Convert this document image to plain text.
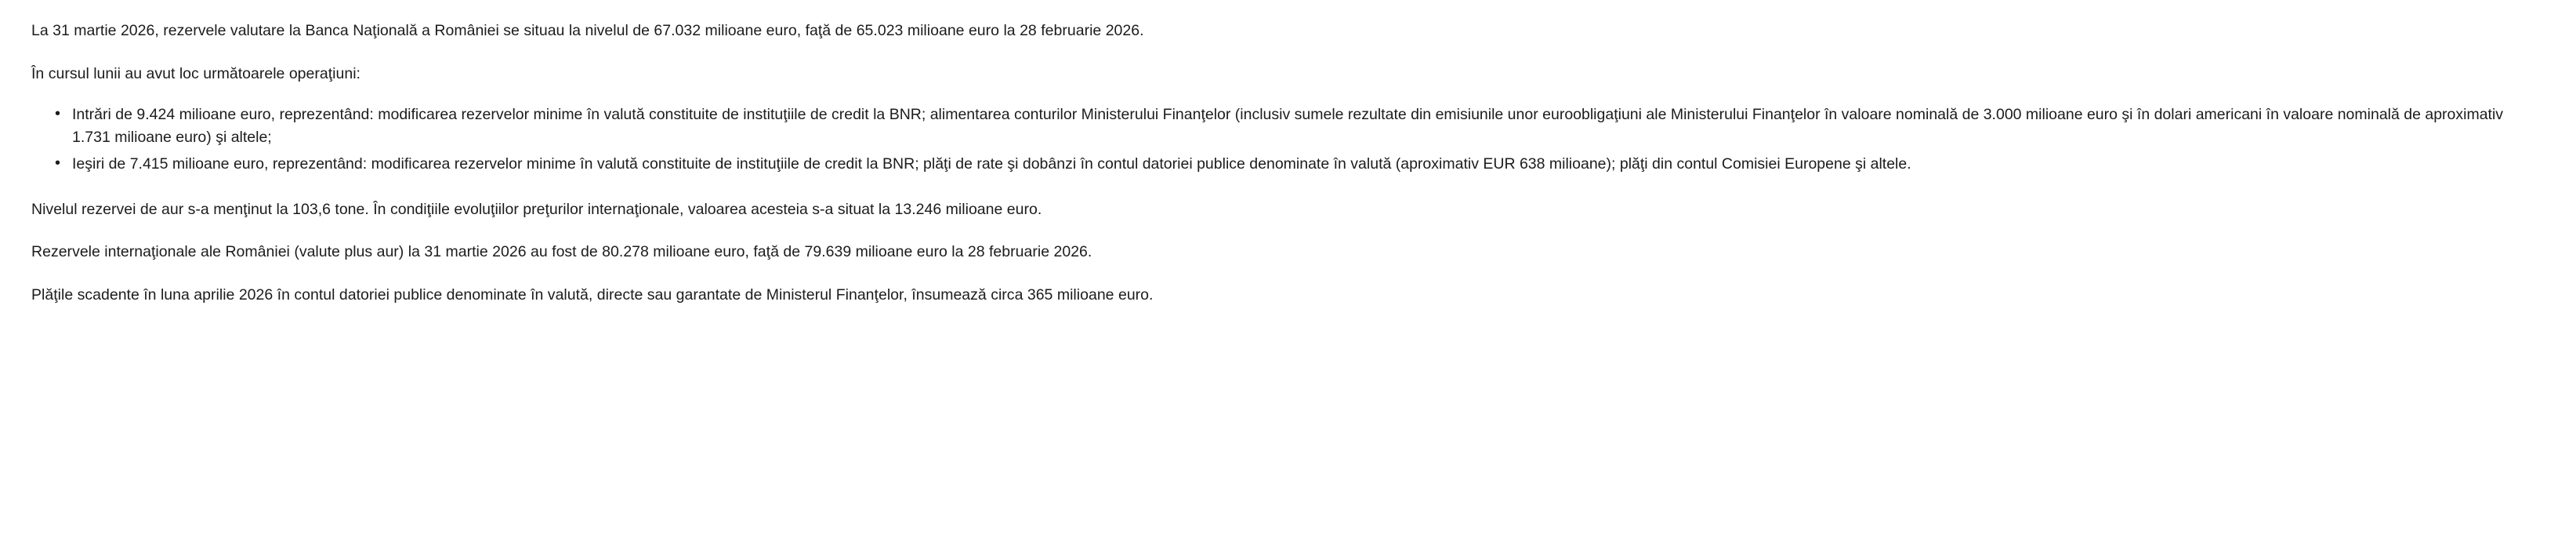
La 31 martie 2026, rezervele valutare la Banca Naţională a României se situau la nivelul de 67.032 milioane euro, faţă de 65.023 milioane euro la 28 februarie 2026.

În cursul lunii au avut loc următoarele operaţiuni:

• Intrări de 9.424 milioane euro, reprezentând: modificarea rezervelor minime în valută constituite de instituţiile de credit la BNR; alimentarea conturilor Ministerului Finanţelor (inclusiv sumele rezultate din emisiunile unor euroobligaţiuni ale Ministerului Finanţelor în valoare nominală de 3.000 milioane euro şi în dolari americani în valoare nominală de aproximativ 1.731 milioane euro) şi altele;
• Ieşiri de 7.415 milioane euro, reprezentând: modificarea rezervelor minime în valută constituite de instituţiile de credit la BNR; plăţi de rate şi dobânzi în contul datoriei publice denominate în valută (aproximativ EUR 638 milioane); plăţi din contul Comisiei Europene şi altele.

Nivelul rezervei de aur s-a menţinut la 103,6 tone. În condiţiile evoluţiilor preţurilor internaţionale, valoarea acesteia s-a situat la 13.246 milioane euro.

Rezervele internaţionale ale României (valute plus aur) la 31 martie 2026 au fost de 80.278 milioane euro, faţă de 79.639 milioane euro la 28 februarie 2026.

Plăţile scadente în luna aprilie 2026 în contul datoriei publice denominate în valută, directe sau garantate de Ministerul Finanţelor, însumează circa 365 milioane euro.
